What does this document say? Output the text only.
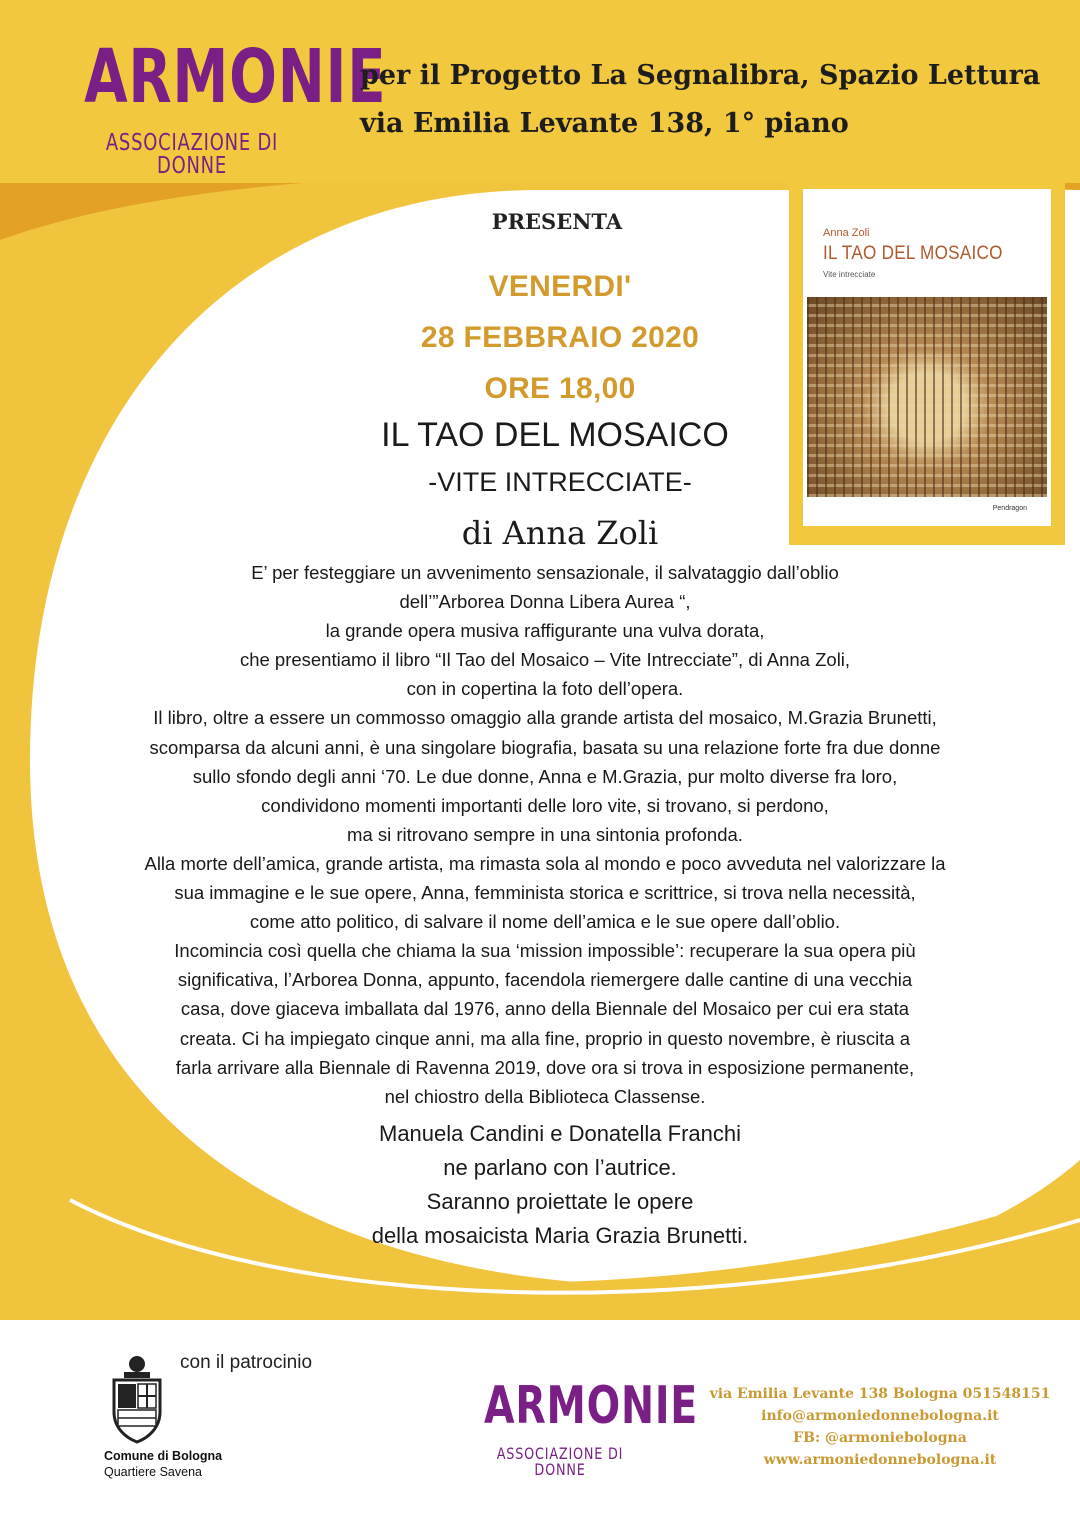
ARMONIE
ASSOCIAZIONE DI DONNE
per il Progetto La Segnalibra, Spazio Lettura
via Emilia Levante 138, 1° piano
Anna Zoli
IL TAO DEL MOSAICO
Vite intrecciate
Pendragon
PRESENTA
VENERDI'
28 FEBBRAIO 2020
ORE 18,00
IL TAO DEL MOSAICO
-VITE INTRECCIATE-
di Anna Zoli
E’ per festeggiare un avvenimento sensazionale, il salvataggio dall’oblio
dell’”Arborea Donna Libera Aurea “,
la grande opera musiva raffigurante una vulva dorata,
che presentiamo il libro “Il Tao del Mosaico – Vite Intrecciate”, di Anna Zoli,
con in copertina la foto dell’opera.
Il libro, oltre a essere un commosso omaggio alla grande artista del mosaico, M.Grazia Brunetti,
scomparsa da alcuni anni, è una singolare biografia, basata su una relazione forte fra due donne
sullo sfondo degli anni ‘70. Le due donne, Anna e M.Grazia, pur molto diverse fra loro,
condividono momenti importanti delle loro vite, si trovano, si perdono,
ma si ritrovano sempre in una sintonia profonda.
Alla morte dell’amica, grande artista, ma rimasta sola al mondo e poco avveduta nel valorizzare la
sua immagine e le sue opere, Anna, femminista storica e scrittrice, si trova nella necessità,
come atto politico, di salvare il nome dell’amica e le sue opere dall’oblio.
Incomincia così quella che chiama la sua ‘mission impossible’: recuperare la sua opera più
significativa, l’Arborea Donna, appunto, facendola riemergere dalle cantine di una vecchia
casa, dove giaceva imballata dal 1976, anno della Biennale del Mosaico per cui era stata
creata. Ci ha impiegato cinque anni, ma alla fine, proprio in questo novembre, è riuscita a
farla arrivare alla Biennale di Ravenna 2019, dove ora si trova in esposizione permanente,
nel chiostro della Biblioteca Classense.
Manuela Candini e Donatella Franchi
ne parlano con l’autrice.
Saranno proiettate le opere
della mosaicista Maria Grazia Brunetti.
con il patrocinio
Comune di Bologna
Quartiere Savena
ARMONIE
ASSOCIAZIONE DI DONNE
via Emilia Levante 138 Bologna 051548151
info@armoniedonnebologna.it
FB: @armoniebologna
www.armoniedonnebologna.it
